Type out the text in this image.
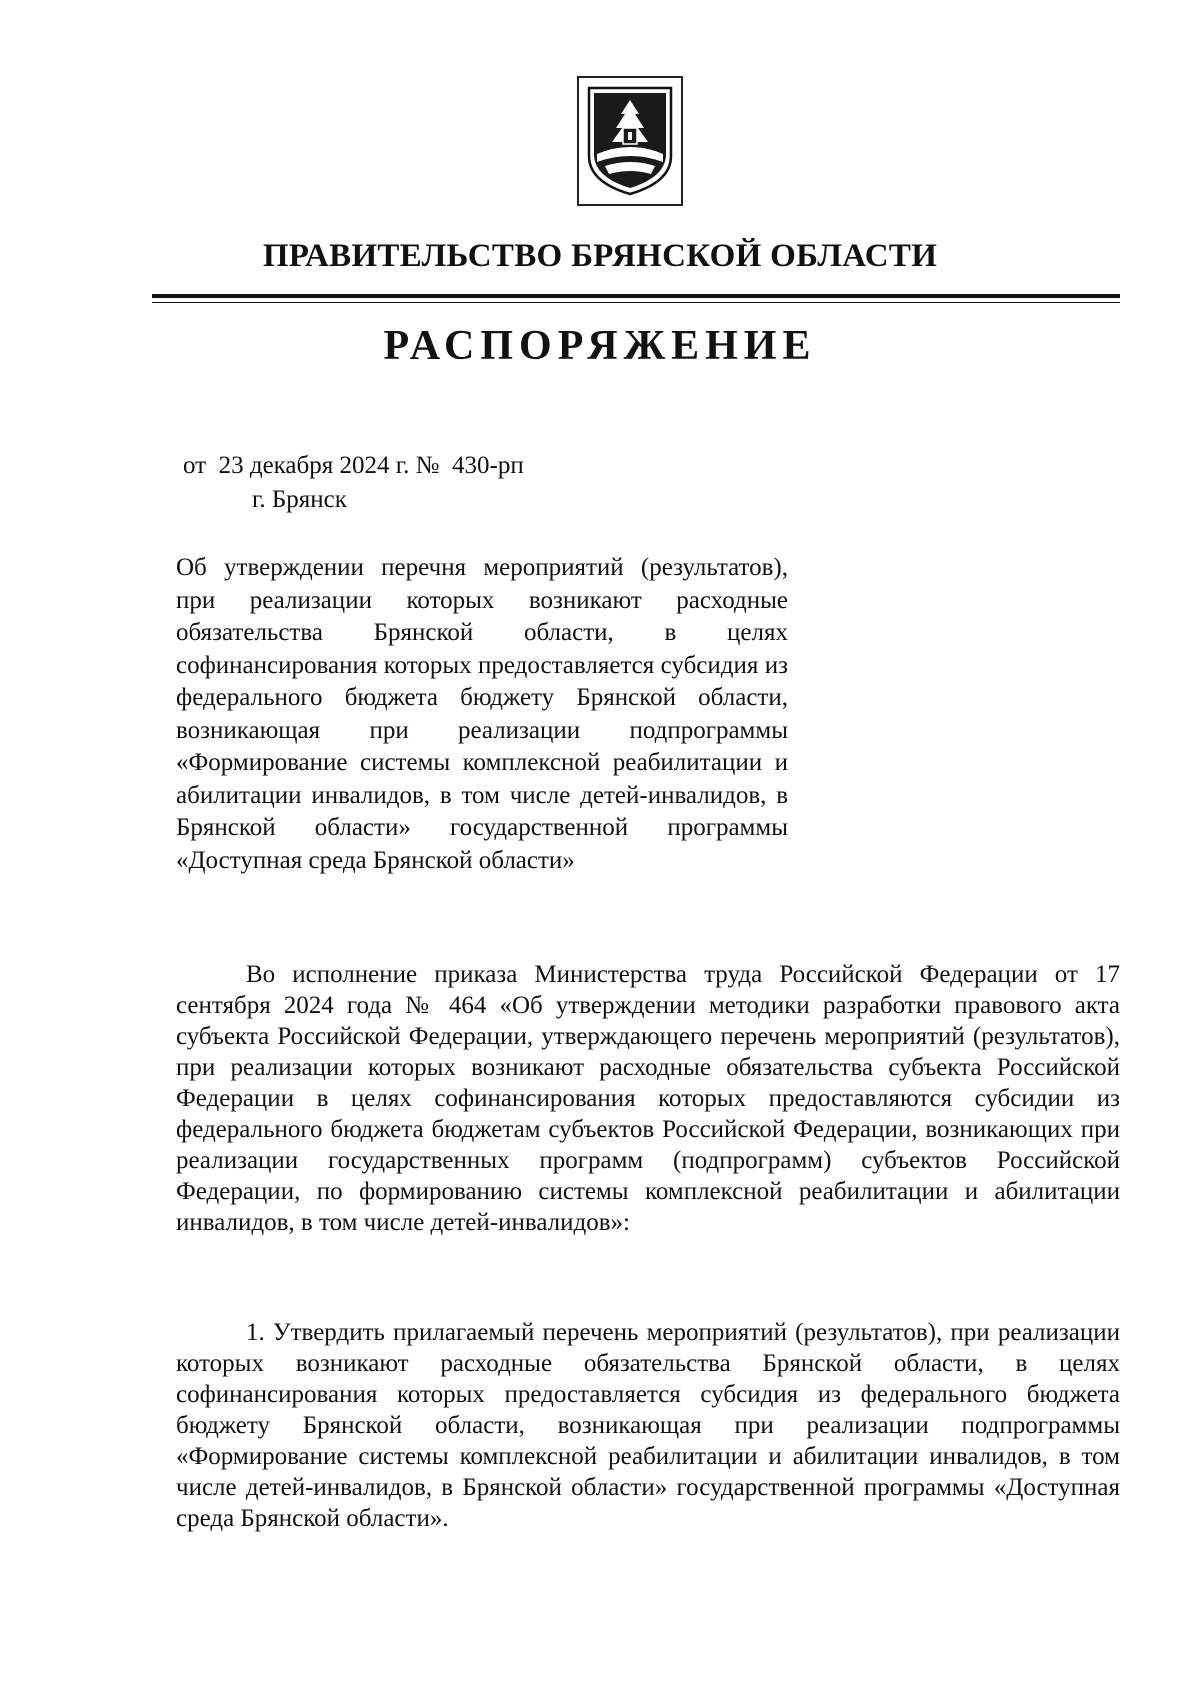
ПРАВИТЕЛЬСТВО БРЯНСКОЙ ОБЛАСТИ
РАСПОРЯЖЕНИЕ
от  23 декабря 2024 г. №  430-рп
г. Брянск
Об утверждении перечня мероприятий (результатов), при реализации которых возникают расходные обязательства Брянской области, в целях софинансирования которых предоставляется субсидия из федерального бюджета бюджету Брянской области, возникающая при реализации подпрограммы «Формирование системы комплексной реабилитации и абилитации инвалидов, в том числе детей-инвалидов, в Брянской области» государственной программы «Доступная среда Брянской области»
Во исполнение приказа Министерства труда Российской Федерации от 17 сентября 2024 года № 464 «Об утверждении методики разработки правового акта субъекта Российской Федерации, утверждающего перечень мероприятий (результатов), при реализации которых возникают расходные обязательства субъекта Российской Федерации в целях софинансирования которых предоставляются субсидии из федерального бюджета бюджетам субъектов Российской Федерации, возникающих при реализации государственных программ (подпрограмм) субъектов Российской Федерации, по формированию системы комплексной реабилитации и абилитации инвалидов, в том числе детей-инвалидов»:
1. Утвердить прилагаемый перечень мероприятий (результатов), при реализации которых возникают расходные обязательства Брянской области, в целях софинансирования которых предоставляется субсидия из федерального бюджета бюджету Брянской области, возникающая при реализации подпрограммы «Формирование системы комплексной реабилитации и абилитации инвалидов, в том числе детей-инвалидов, в Брянской области» государственной программы «Доступная среда Брянской области».
